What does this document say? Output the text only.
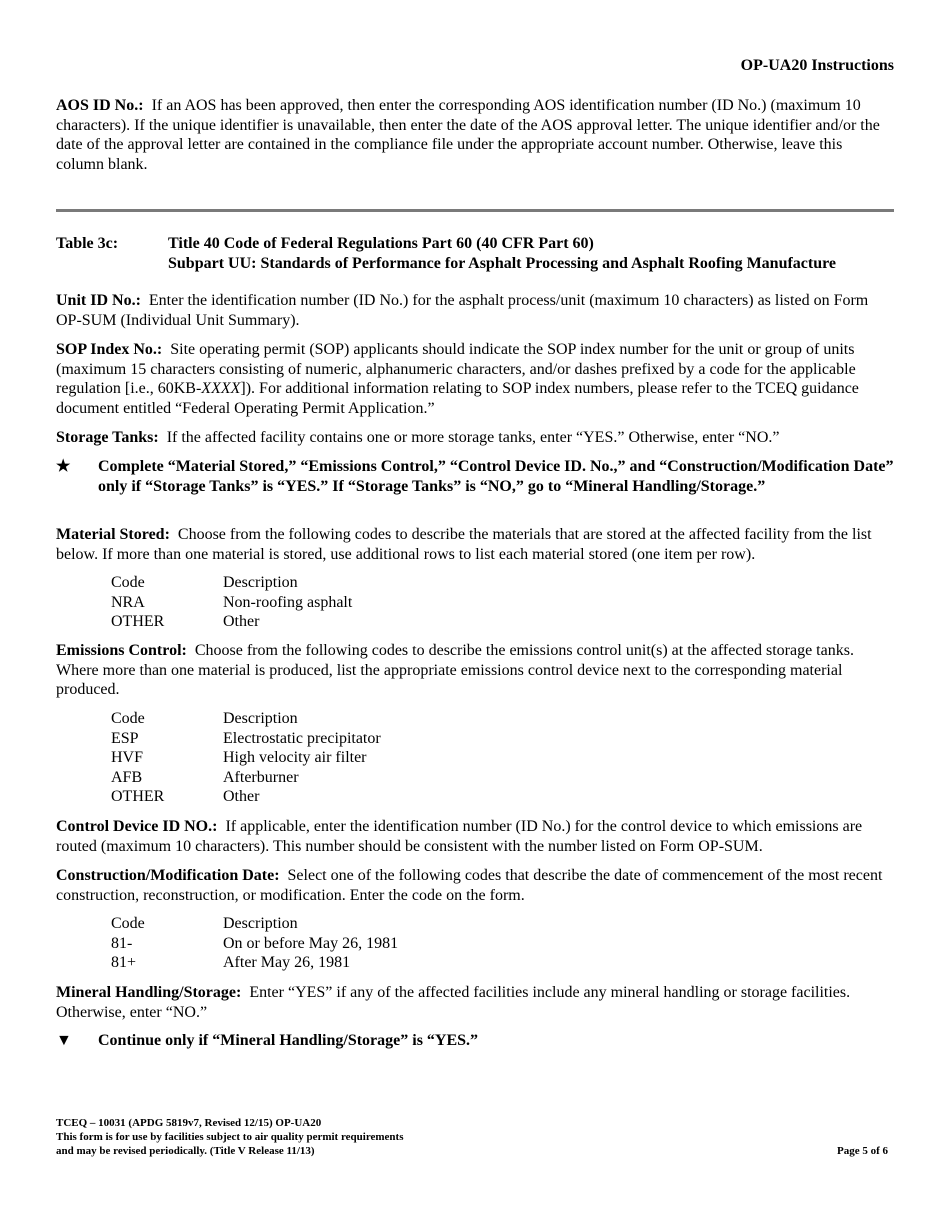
OP-UA20 Instructions

AOS ID No.: If an AOS has been approved, then enter the corresponding AOS identification number (ID No.) (maximum 10 characters). If the unique identifier is unavailable, then enter the date of the AOS approval letter. The unique identifier and/or the date of the approval letter are contained in the compliance file under the appropriate account number. Otherwise, leave this column blank.

Table 3c:	Title 40 Code of Federal Regulations Part 60 (40 CFR Part 60)
Subpart UU: Standards of Performance for Asphalt Processing and Asphalt Roofing Manufacture

Unit ID No.: Enter the identification number (ID No.) for the asphalt process/unit (maximum 10 characters) as listed on Form OP-SUM (Individual Unit Summary).

SOP Index No.: Site operating permit (SOP) applicants should indicate the SOP index number for the unit or group of units (maximum 15 characters consisting of numeric, alphanumeric characters, and/or dashes prefixed by a code for the applicable regulation [i.e., 60KB-XXXX]). For additional information relating to SOP index numbers, please refer to the TCEQ guidance document entitled “Federal Operating Permit Application.”

Storage Tanks: If the affected facility contains one or more storage tanks, enter “YES.” Otherwise, enter “NO.”

★	Complete “Material Stored,” “Emissions Control,” “Control Device ID. No.,” and “Construction/Modification Date” only if “Storage Tanks” is “YES.” If “Storage Tanks” is “NO,” go to “Mineral Handling/Storage.”

Material Stored: Choose from the following codes to describe the materials that are stored at the affected facility from the list below. If more than one material is stored, use additional rows to list each material stored (one item per row).

Code	Description
NRA	Non-roofing asphalt
OTHER	Other

Emissions Control: Choose from the following codes to describe the emissions control unit(s) at the affected storage tanks. Where more than one material is produced, list the appropriate emissions control device next to the corresponding material produced.

Code	Description
ESP	Electrostatic precipitator
HVF	High velocity air filter
AFB	Afterburner
OTHER	Other

Control Device ID NO.: If applicable, enter the identification number (ID No.) for the control device to which emissions are routed (maximum 10 characters). This number should be consistent with the number listed on Form OP-SUM.

Construction/Modification Date: Select one of the following codes that describe the date of commencement of the most recent construction, reconstruction, or modification. Enter the code on the form.

Code	Description
81-	On or before May 26, 1981
81+	After May 26, 1981

Mineral Handling/Storage: Enter “YES” if any of the affected facilities include any mineral handling or storage facilities. Otherwise, enter “NO.”

▼ Continue only if “Mineral Handling/Storage” is “YES.”
TCEQ – 10031 (APDG 5819v7, Revised 12/15) OP-UA20
This form is for use by facilities subject to air quality permit requirements
and may be revised periodically. (Title V Release 11/13)	Page 5 of 6
